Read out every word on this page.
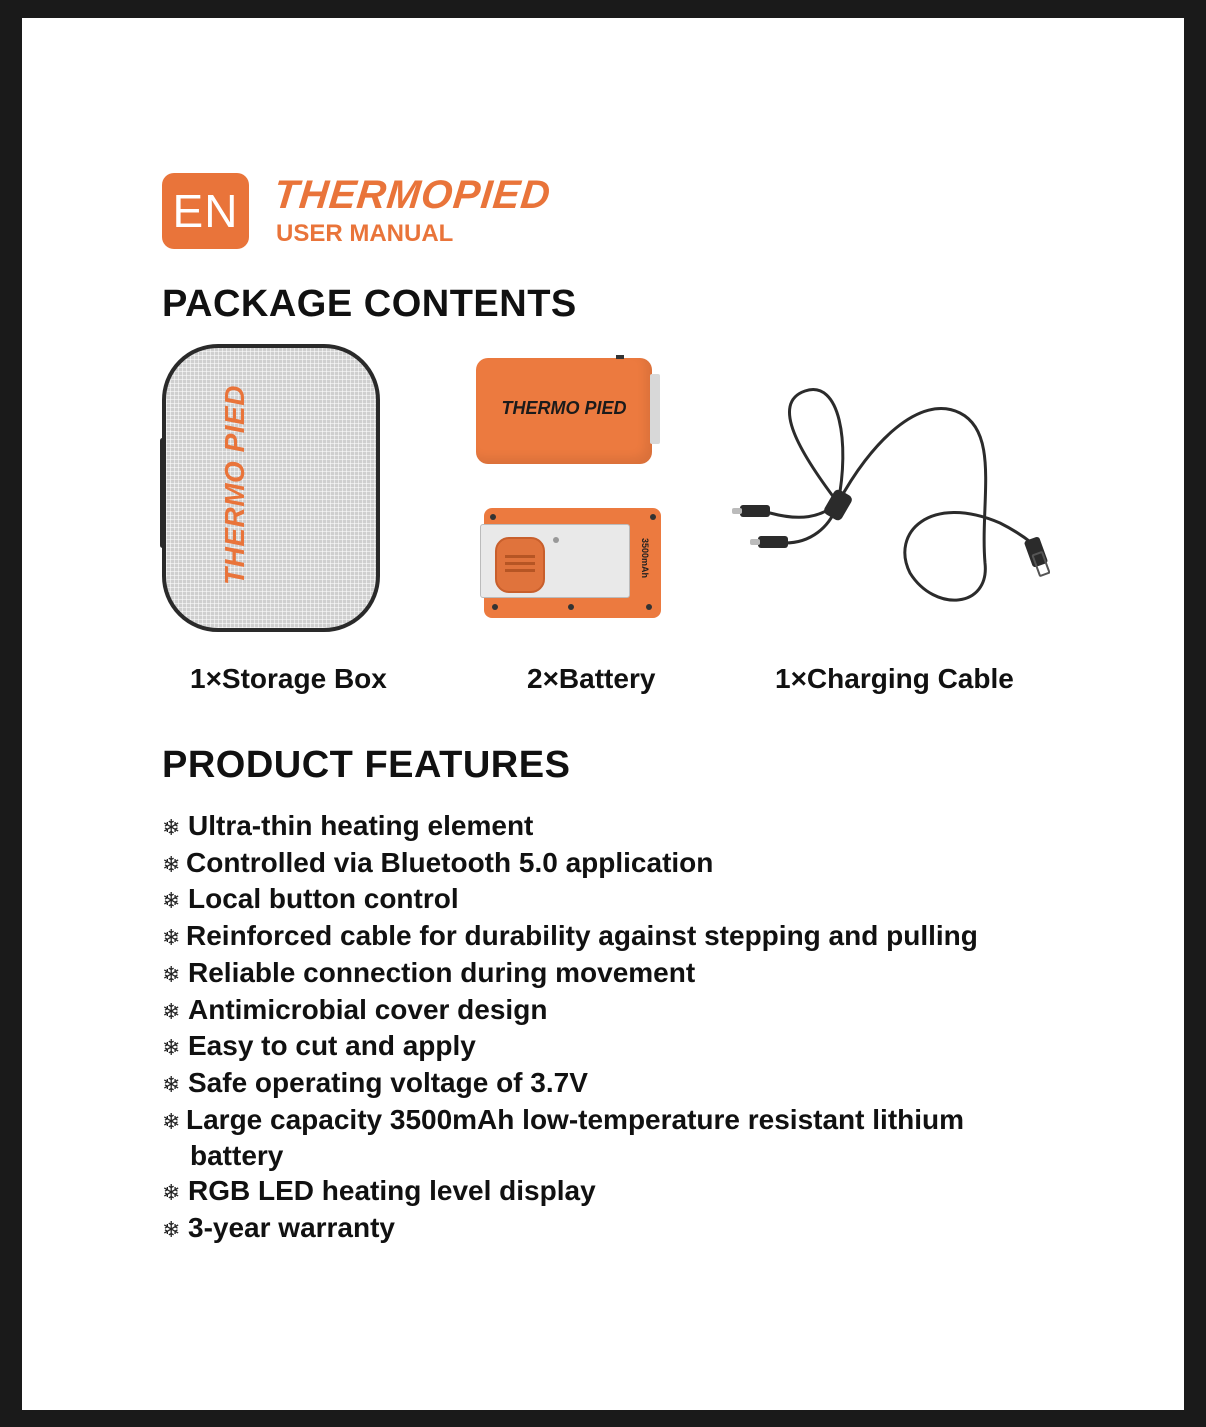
EN THERMOPIED
USER MANUAL
PACKAGE CONTENTS
THERMO PIED	THERMO PIED
3500mAh
1×Storage Box	2×Battery	1×Charging Cable
PRODUCT FEATURES
❄ Ultra-thin heating element
❄ Controlled via Bluetooth 5.0 application
❄ Local button control
❄ Reinforced cable for durability against stepping and pulling
❄ Reliable connection during movement
❄ Antimicrobial cover design
❄ Easy to cut and apply
❄ Safe operating voltage of 3.7V
❄ Large capacity 3500mAh low-temperature resistant lithium
battery
❄ RGB LED heating level display
❄ 3-year warranty
